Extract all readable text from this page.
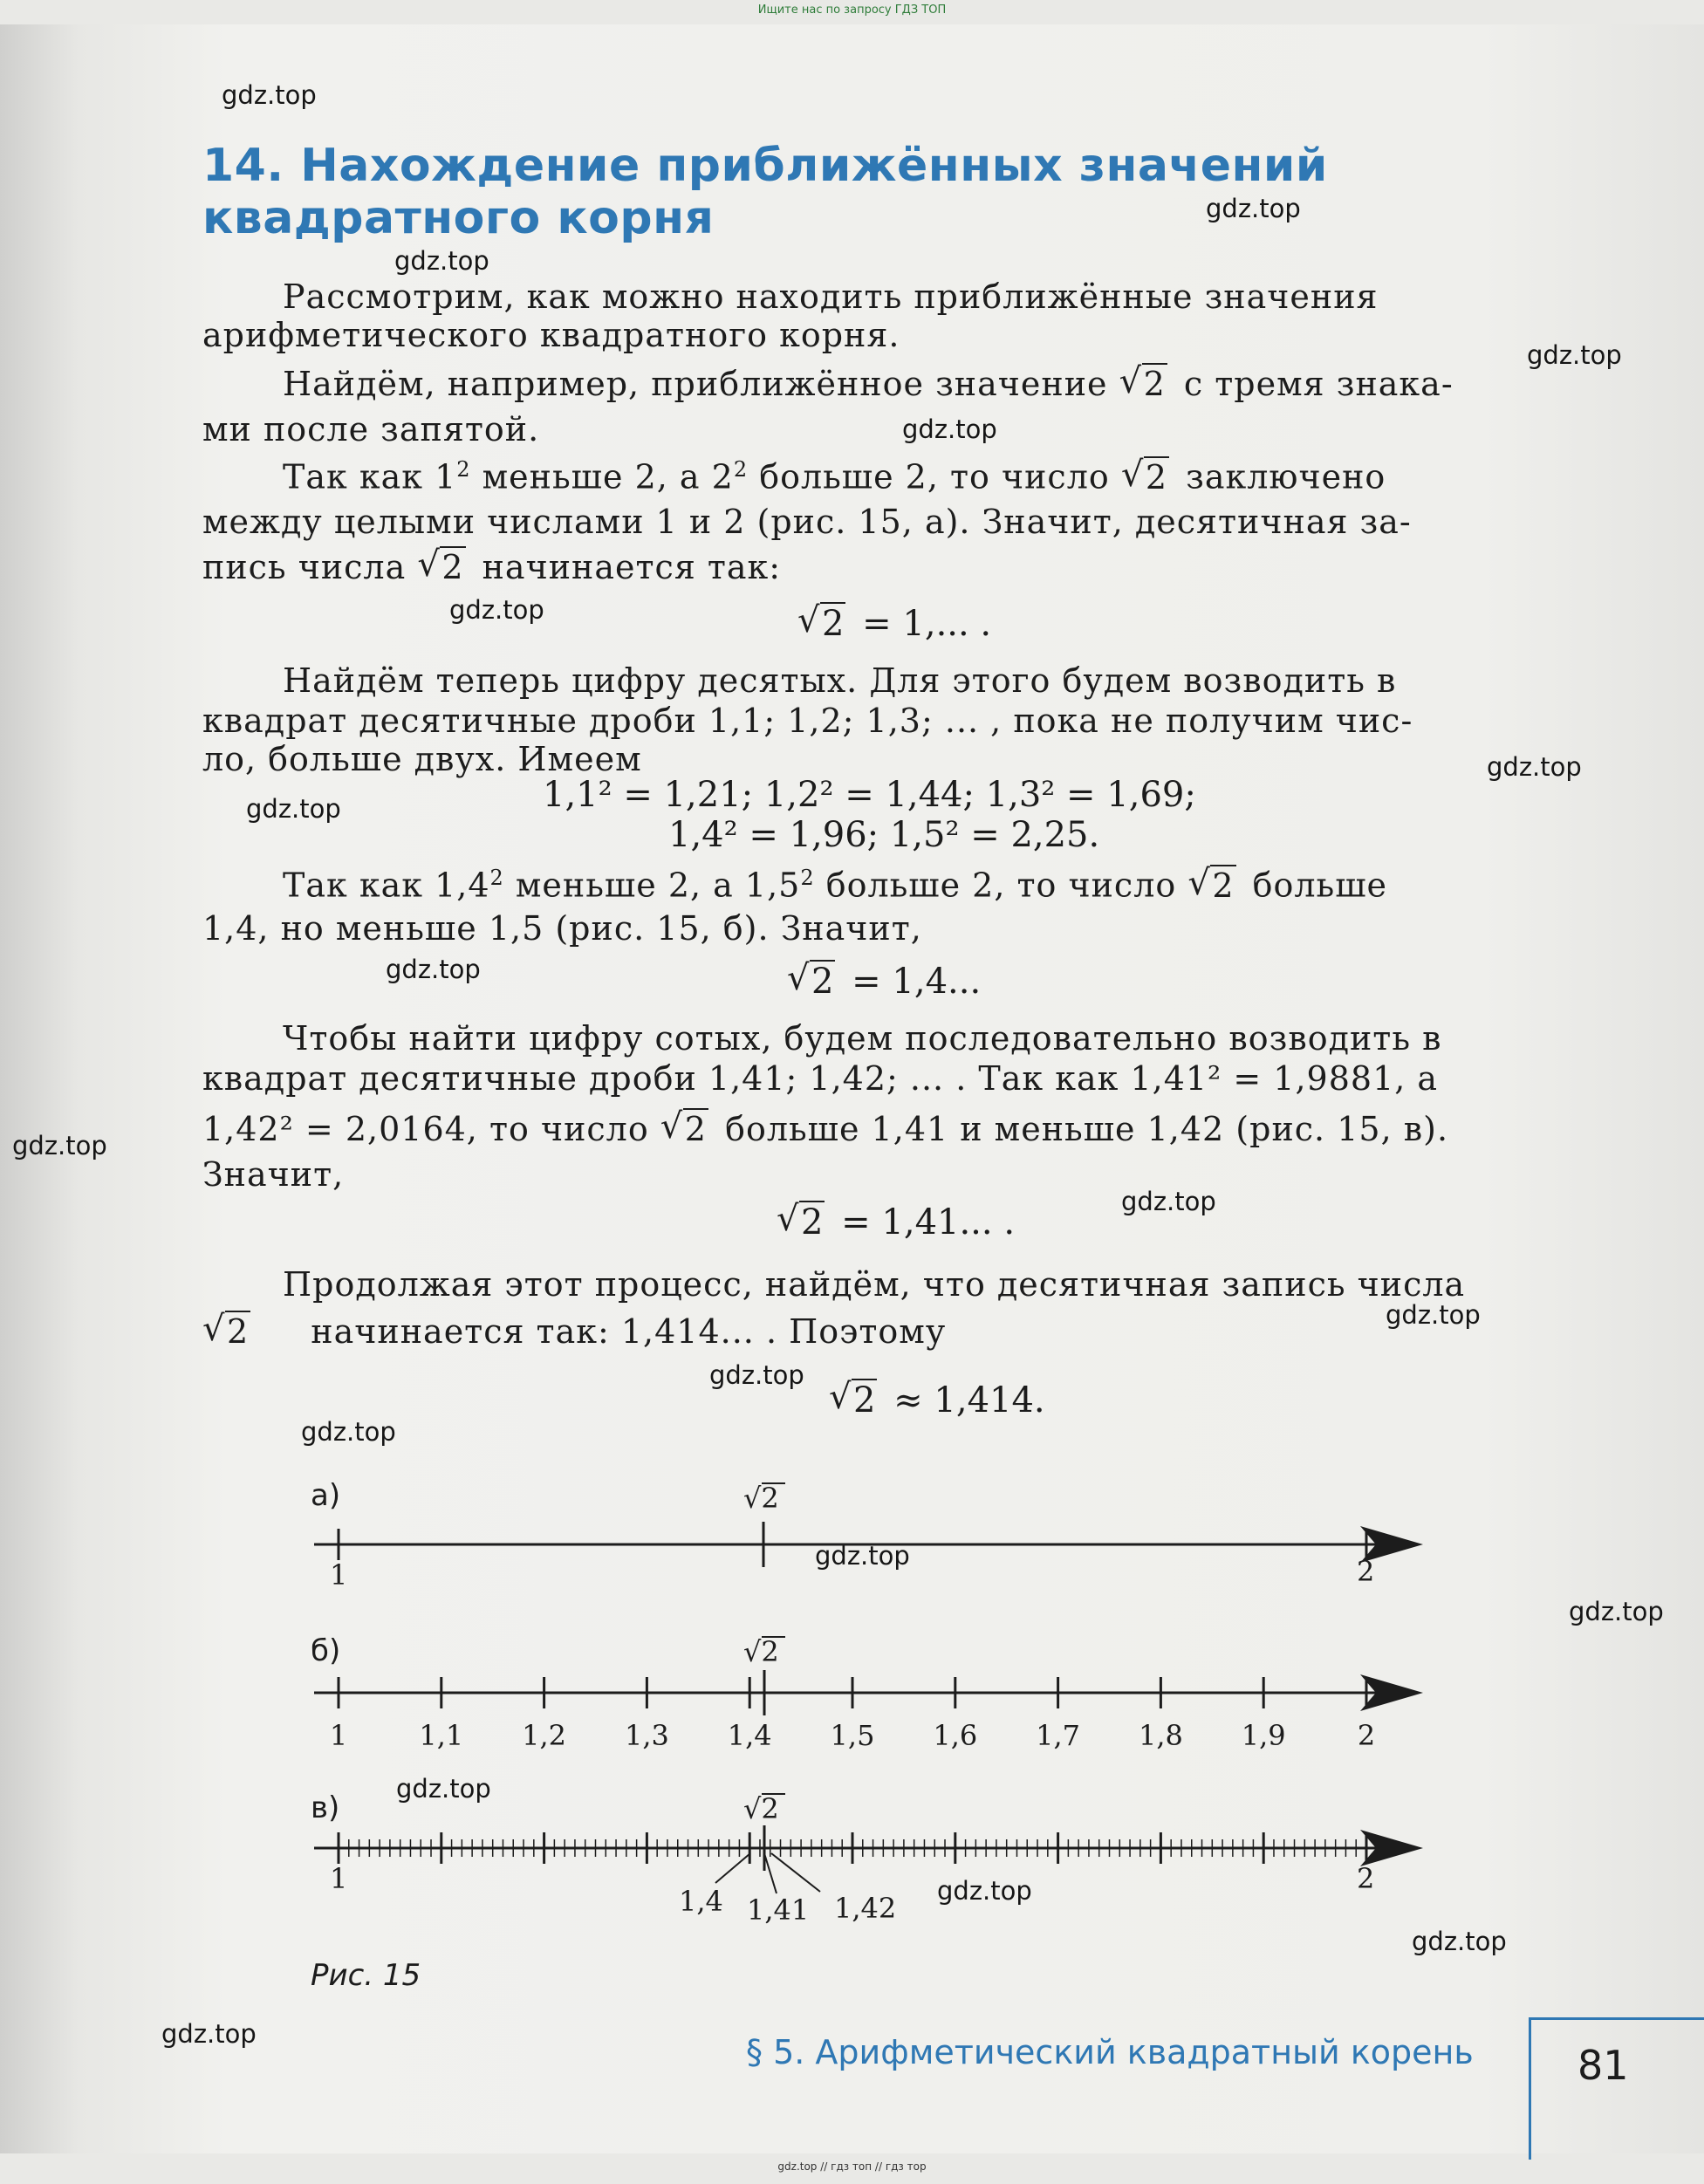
Ищите нас по запросу ГДЗ ТОП
gdz.top
gdz.top
gdz.top
gdz.top
gdz.top
gdz.top
gdz.top
gdz.top
gdz.top
gdz.top
gdz.top
gdz.top
gdz.top
gdz.top
gdz.top
gdz.top
gdz.top
gdz.top
gdz.top
gdz.top
14. Нахождение приближённых значений
квадратного корня
Рассмотрим, как можно находить приближённые значения
арифметического квадратного корня.
Найдём, например, приближённое значение √ 2 с тремя знака-
ми после запятой.
Так как $1^2$ меньше 2, а $2^2$ больше 2, то число √ 2 заключено
между целыми числами 1 и 2 (рис. 15, а). Значит, десятичная за-
пись числа √ 2 начинается так:
√ 2 = 1,... .
Найдём теперь цифру десятых. Для этого будем возводить в
квадрат десятичные дроби 1,1; 1,2; 1,3; ... , пока не получим чис-
ло, больше двух. Имеем
1,1² = 1,21; 1,2² = 1,44; 1,3² = 1,69;
1,4² = 1,96; 1,5² = 2,25.
Так как $1,4^2$ меньше 2, а $1,5^2$ больше 2, то число √ 2 больше
1,4, но меньше 1,5 (рис. 15, б). Значит,
√ 2 = 1,4...
Чтобы найти цифру сотых, будем последовательно возводить в
квадрат десятичные дроби 1,41; 1,42; ... . Так как 1,41² = 1,9881, а
1,42² = 2,0164, то число √ 2 больше 1,41 и меньше 1,42 (рис. 15, в).
Значит,
√ 2 = 1,41... .
Продолжая этот процесс, найдём, что десятичная запись числа
√ 2 начинается так: 1,414... . Поэтому
√ 2 ≈ 1,414.
а)
б)
в)
1	2
√2
1	1,1 1,2 1,3 1,4 1,5 1,6 1,7 1,8 1,9	2
√2
√2
1
1,4 1,41 1,42
2
Рис. 15
§ 5. Арифметический квадратный корень	81
gdz.top // гдз топ // гдз тор
